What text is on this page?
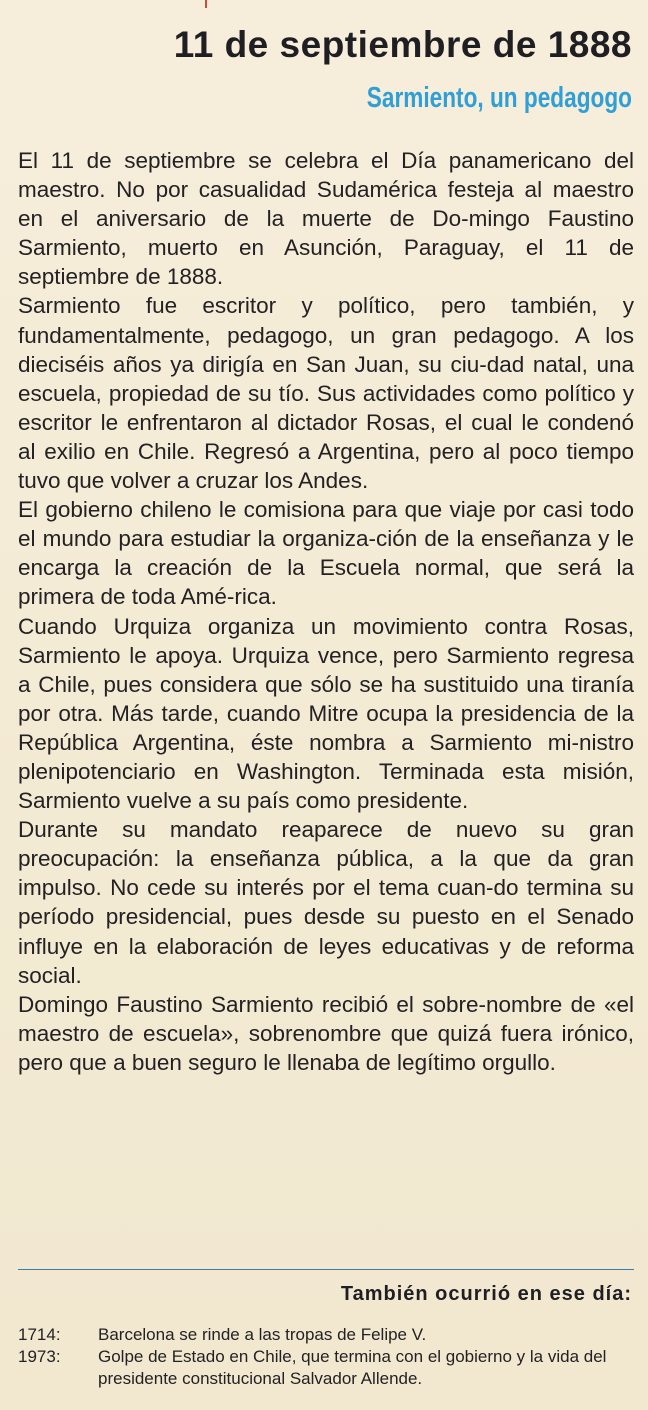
11 de septiembre de 1888
Sarmiento, un pedagogo

El 11 de septiembre se celebra el Día panamericano del maestro. No por casualidad Sudamérica festeja al maestro en el aniversario de la muerte de Do-mingo Faustino Sarmiento, muerto en Asunción, Paraguay, el 11 de septiembre de 1888.

Sarmiento fue escritor y político, pero también, y fundamentalmente, pedagogo, un gran pedagogo. A los dieciséis años ya dirigía en San Juan, su ciu-dad natal, una escuela, propiedad de su tío. Sus actividades como político y escritor le enfrentaron al dictador Rosas, el cual le condenó al exilio en Chile. Regresó a Argentina, pero al poco tiempo tuvo que volver a cruzar los Andes.

El gobierno chileno le comisiona para que viaje por casi todo el mundo para estudiar la organiza-ción de la enseñanza y le encarga la creación de la Escuela normal, que será la primera de toda Amé-rica.

Cuando Urquiza organiza un movimiento contra Rosas, Sarmiento le apoya. Urquiza vence, pero Sarmiento regresa a Chile, pues considera que sólo se ha sustituido una tiranía por otra. Más tarde, cuando Mitre ocupa la presidencia de la República Argentina, éste nombra a Sarmiento mi-nistro plenipotenciario en Washington. Terminada esta misión, Sarmiento vuelve a su país como presidente.

Durante su mandato reaparece de nuevo su gran preocupación: la enseñanza pública, a la que da gran impulso. No cede su interés por el tema cuan-do termina su período presidencial, pues desde su puesto en el Senado influye en la elaboración de leyes educativas y de reforma social.

Domingo Faustino Sarmiento recibió el sobre-nombre de «el maestro de escuela», sobrenombre que quizá fuera irónico, pero que a buen seguro le llenaba de legítimo orgullo.

También ocurrió en ese día:
1714:	Barcelona se rinde a las tropas de Felipe V.
1973:	Golpe de Estado en Chile, que termina con el gobierno y la vida del presidente constitucional Salvador Allende.
